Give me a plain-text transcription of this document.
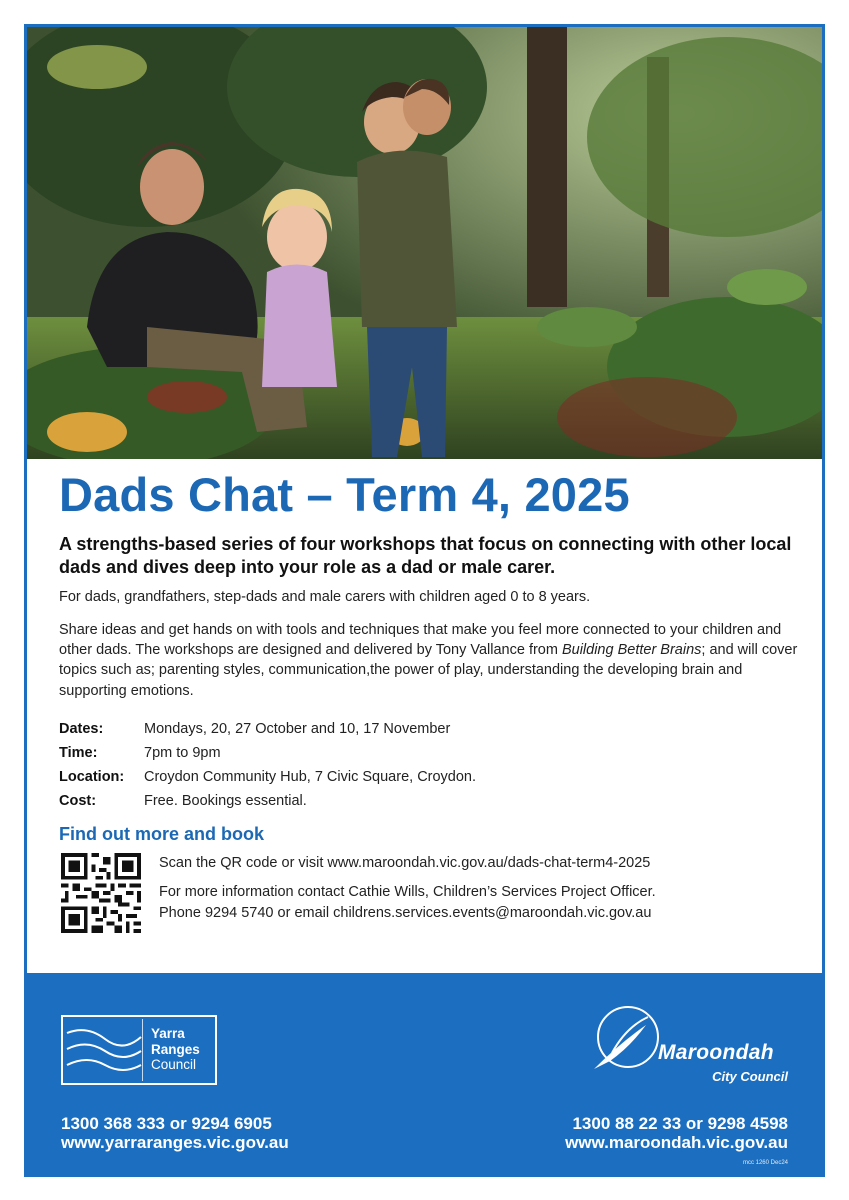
Dads Chat – Term 4, 2025

A strengths-based series of four workshops that focus on connecting with other local dads and dives deep into your role as a dad or male carer.

For dads, grandfathers, step-dads and male carers with children aged 0 to 8 years.

Share ideas and get hands on with tools and techniques that make you feel more connected to your children and other dads. The workshops are designed and delivered by Tony Vallance from Building Better Brains; and will cover topics such as; parenting styles, communication,the power of play, understanding the developing brain and supporting emotions.

Dates:	Mondays, 20, 27 October and 10, 17 November
Time:	7pm to 9pm
Location:	Croydon Community Hub, 7 Civic Square, Croydon.
Cost:	Free. Bookings essential.
Find out more and book
Scan the QR code or visit www.maroondah.vic.gov.au/dads-chat-term4-2025
For more information contact Cathie Wills, Children’s Services Project Officer.
Phone 9294 5740 or email childrens.services.events@maroondah.vic.gov.au
Yarra
Ranges
Council
Maroondah
City Council
1300 368 333 or 9294 6905
www.yarraranges.vic.gov.au
1300 88 22 33 or 9298 4598
www.maroondah.vic.gov.au
mcc 1260 Dec24
